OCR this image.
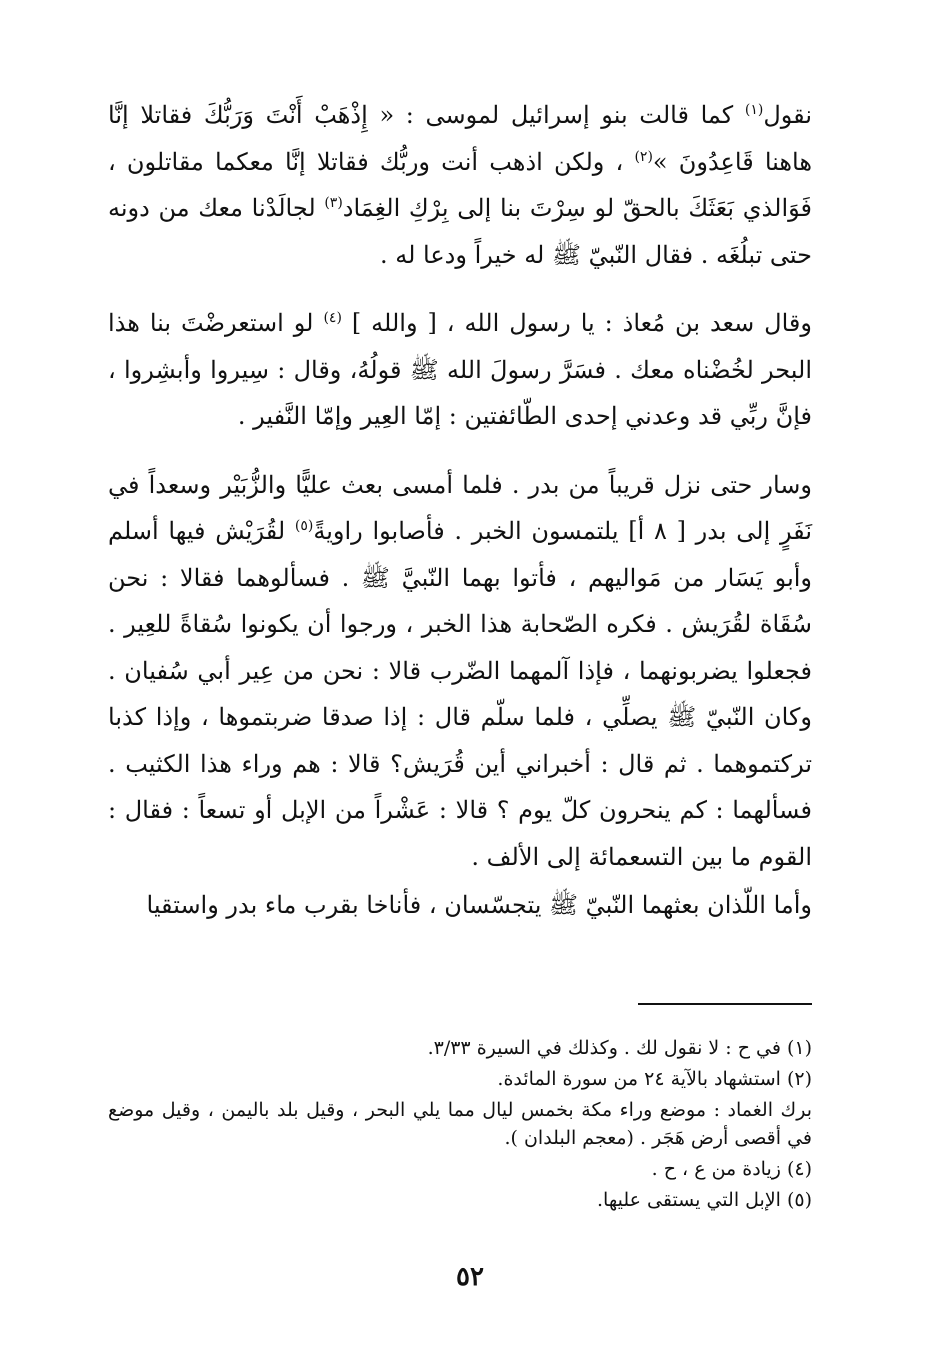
نقول$^{(١)}$ كما قالت بنو إسرائيل لموسى : « إِذْهَبْ أَنْتَ وَرَبُّكَ فقاتلا إنَّا هاهنا قَاعِدُونَ »$^{(٢)}$ ، ولكن اذهب أنت وربُّك فقاتلا إنَّا معكما مقاتلون ، فَوَالذي بَعَثَكَ بالحقّ لو سِرْتَ بنا إلى بِرْكِ الغِمَاد$^{(٣)}$ لجالَدْنا معك من دونه حتى تبلُغَه . فقال النّبيّ ﷺ له خيراً ودعا له .

وقال سعد بن مُعاذ : يا رسول الله ، [ والله ] $^{(٤)}$ لو استعرضْتَ بنا هذا البحر لخُضْناه معك . فسَرَّ رسولَ الله ﷺ قولُهُ، وقال : سِيروا وأبشِروا ، فإنَّ ربِّي قد وعدني إحدى الطّائفتين : إمّا العِير وإمّا النَّفير .

وسار حتى نزل قريباً من بدر . فلما أمسى بعث عليًّا والزُّبَيْر وسعداً في نَفَرٍ إلى بدر [ ٨ أ] يلتمسون الخبر . فأصابوا راويةً$^{(٥)}$ لقُرَيْش فيها أسلم وأبو يَسَار من مَواليهم ، فأتوا بهما النّبيَّ ﷺ . فسألوهما فقالا : نحن سُقَاة لقُرَيش . فكره الصّحابة هذا الخبر ، ورجوا أن يكونوا سُقاةً للعِير . فجعلوا يضربونهما ، فإذا آلمهما الضّرب قالا : نحن من عِير أبي سُفيان . وكان النّبيّ ﷺ يصلِّي ، فلما سلّم قال : إذا صدقا ضربتموها ، وإذا كذبا تركتموهما . ثم قال : أخبراني أين قُرَيش؟ قالا : هم وراء هذا الكثيب . فسألهما : كم ينحرون كلّ يوم ؟ قالا : عَشْراً من الإبل أو تسعاً : فقال : القوم ما بين التسعمائة إلى الألف .

وأما اللّذان بعثهما النّبيّ ﷺ يتجسّسان ، فأناخا بقرب ماء بدر واستقيا

(١)في ح : لا نقول لك . وكذلك في السيرة ٣/٣٣.

(٢)استشهاد بالآية ٢٤ من سورة المائدة.

برك الغماد : موضع وراء مكة بخمس ليال مما يلي البحر ، وقيل بلد باليمن ، وقيل موضع في أقصى أرض هَجَر . (معجم البلدان ).

(٤)زيادة من ع ، ح .

(٥)الإبل التي يستقى عليها.

٥٢
